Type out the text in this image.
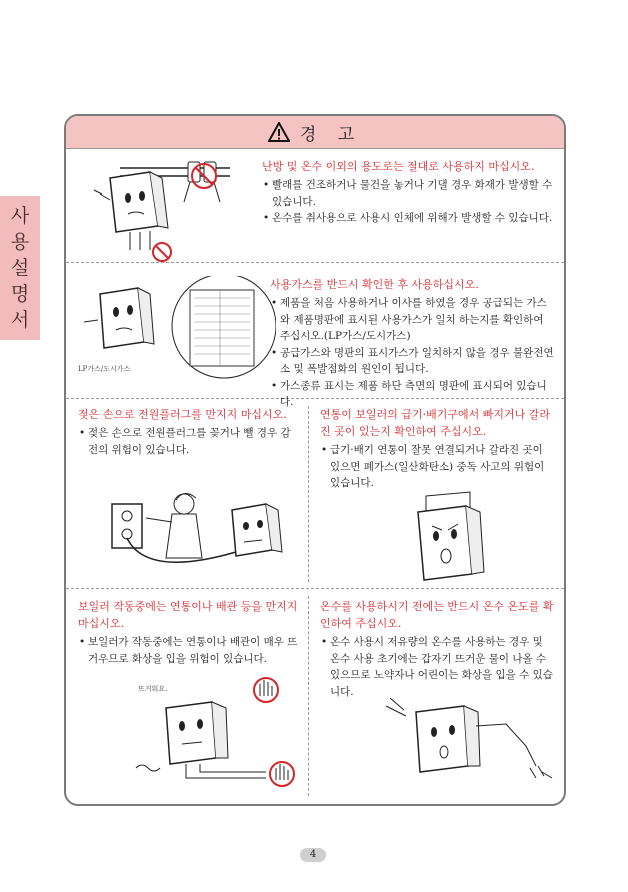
사
용
설
명
서
경 고
난방 및 온수 이외의 용도로는 절대로 사용하지 마십시오.
• 빨래를 건조하거나 물건을 놓거나 기댈 경우 화재가 발생할 수 있습니다.
• 온수를 취사용으로 사용시 인체에 위해가 발생할 수 있습니다.
LP가스/도시가스
사용가스를 반드시 확인한 후 사용하십시오.
• 제품을 처음 사용하거나 이사를 하였을 경우 공급되는 가스와 제품명판에 표시된 사용가스가 일치 하는지를 확인하여 주십시오.(LP가스/도시가스)
• 공급가스와 명판의 표시가스가 일치하지 않을 경우 불완전연소 및 폭발점화의 원인이 됩니다.
• 가스종류 표시는 제품 하단 측면의 명판에 표시되어 있습니다.
젖은 손으로 전원플러그를 만지지 마십시오.
• 젖은 손으로 전원플러그를 꽂거나 뺄 경우 감전의 위험이 있습니다.
연통이 보일러의 급기·배기구에서 빠지거나 갈라진 곳이 있는지 확인하여 주십시오.
• 급기·배기 연통이 잘못 연결되거나 갈라진 곳이 있으면 폐가스(일산화탄소) 중독 사고의 위험이 있습니다.
보일러 작동중에는 연통이나 배관 등을 만지지 마십시오.
• 보일러가 작동중에는 연통이나 배관이 매우 뜨거우므로 화상을 입을 위험이 있습니다.
뜨거워요.
온수를 사용하시기 전에는 반드시 온수 온도를 확인하여 주십시오.
• 온수 사용시 저유량의 온수를 사용하는 경우 및 온수 사용 초기에는 갑자기 뜨거운 물이 나올 수 있으므로 노약자나 어린이는 화상을 입을 수 있습니다.
4
